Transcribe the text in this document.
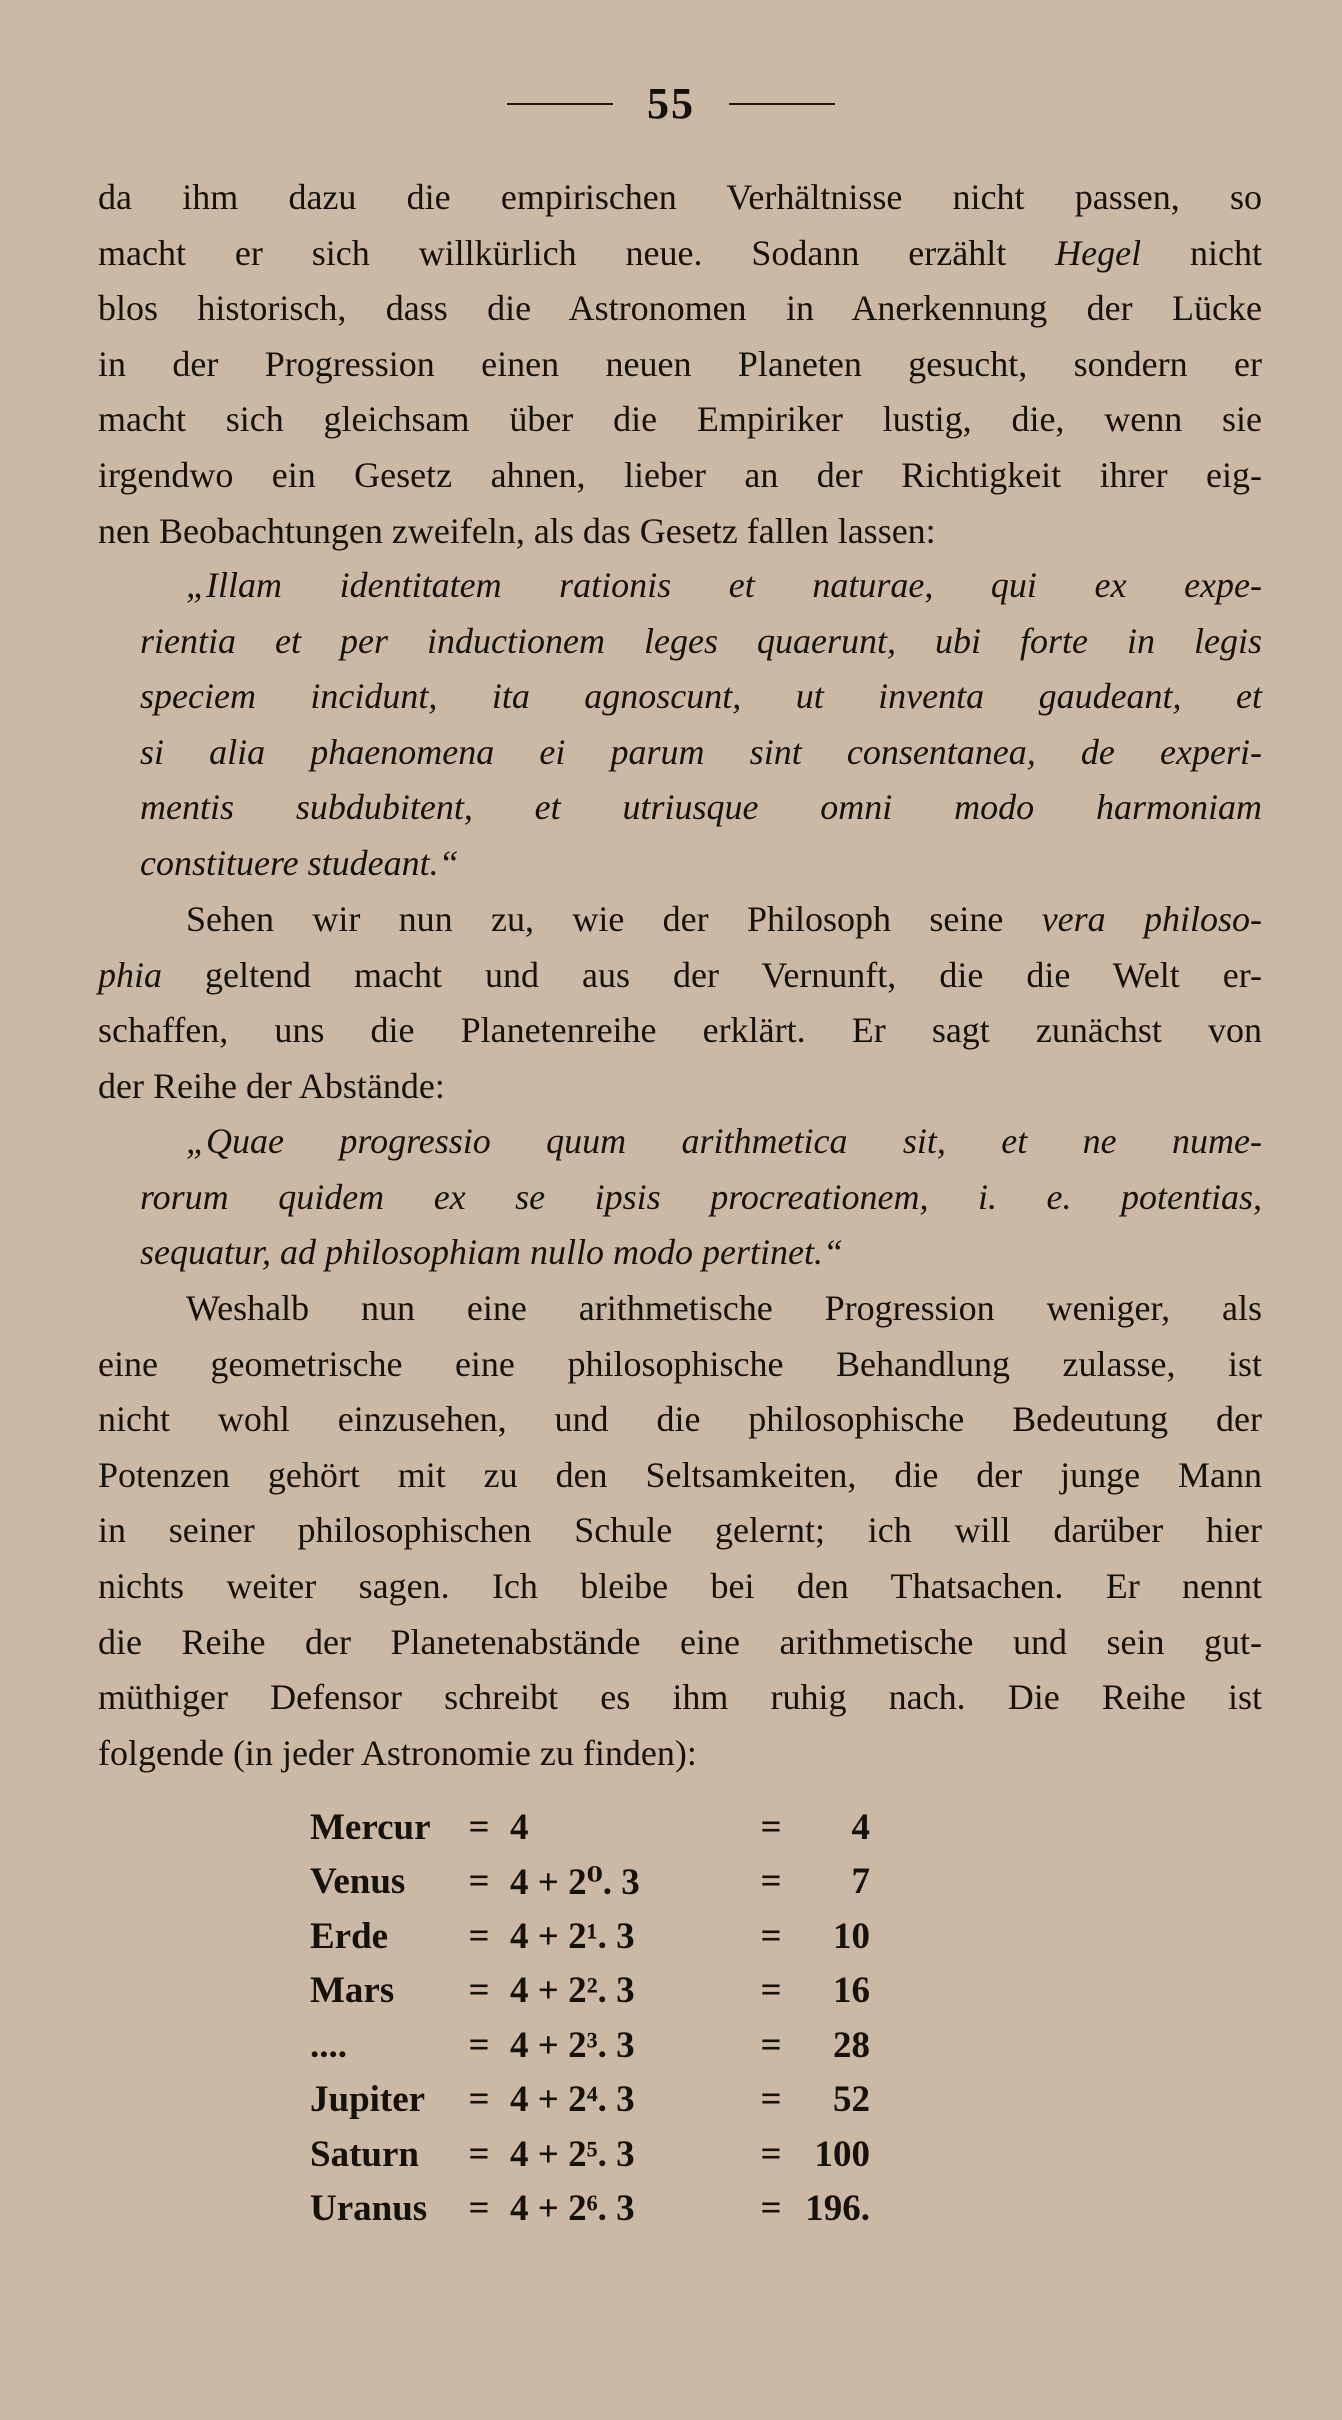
55

da ihm dazu die empirischen Verhältnisse nicht passen, so

macht er sich willkürlich neue. Sodann erzählt Hegel nicht

blos historisch, dass die Astronomen in Anerkennung der Lücke

in der Progression einen neuen Planeten gesucht, sondern er

macht sich gleichsam über die Empiriker lustig, die, wenn sie

irgendwo ein Gesetz ahnen, lieber an der Richtigkeit ihrer eig-

nen Beobachtungen zweifeln, als das Gesetz fallen lassen:

„Illam identitatem rationis et naturae, qui ex expe-

rientia et per inductionem leges quaerunt, ubi forte in legis

speciem incidunt, ita agnoscunt, ut inventa gaudeant, et

si alia phaenomena ei parum sint consentanea, de experi-

mentis subdubitent, et utriusque omni modo harmoniam

constituere studeant.“

Sehen wir nun zu, wie der Philosoph seine vera philoso-

phia geltend macht und aus der Vernunft, die die Welt er-

schaffen, uns die Planetenreihe erklärt. Er sagt zunächst von

der Reihe der Abstände:

„Quae progressio quum arithmetica sit, et ne nume-

rorum quidem ex se ipsis procreationem, i. e. potentias,

sequatur, ad philosophiam nullo modo pertinet.“

Weshalb nun eine arithmetische Progression weniger, als

eine geometrische eine philosophische Behandlung zulasse, ist

nicht wohl einzusehen, und die philosophische Bedeutung der

Potenzen gehört mit zu den Seltsamkeiten, die der junge Mann

in seiner philosophischen Schule gelernt; ich will darüber hier

nichts weiter sagen. Ich bleibe bei den Thatsachen. Er nennt

die Reihe der Planetenabstände eine arithmetische und sein gut-

müthiger Defensor schreibt es ihm ruhig nach. Die Reihe ist

folgende (in jeder Astronomie zu finden):

Mercur	=	4	=	4
Venus	=	4 + 2⁰. 3	=	7
Erde	=	4 + 2¹. 3	=	10
Mars	=	4 + 2². 3	=	16
....	=	4 + 2³. 3	=	28
Jupiter	=	4 + 2⁴. 3	=	52
Saturn	=	4 + 2⁵. 3	=	100
Uranus	=	4 + 2⁶. 3	=	196.
